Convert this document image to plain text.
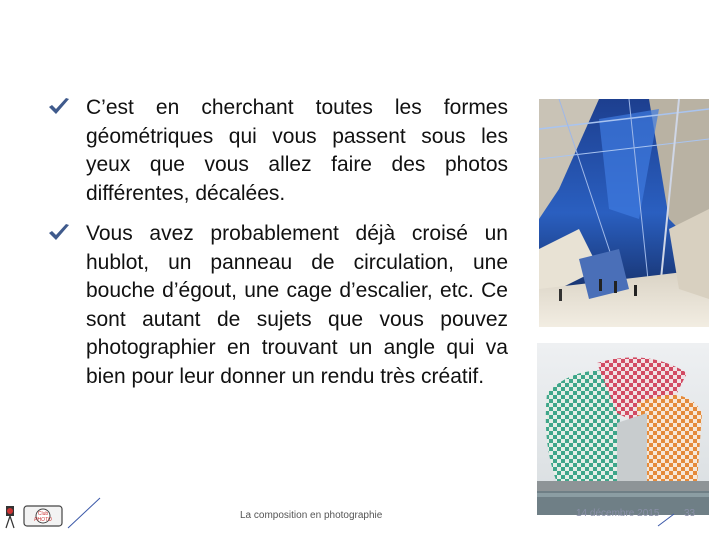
C’est en cherchant toutes les formes géométriques qui vous passent sous les yeux que vous allez faire des photos différentes, décalées.

Vous avez probablement déjà croisé un hublot, un panneau de circulation, une bouche d’égout, une cage d’escalier, etc. Ce sont autant de sujets que vous pouvez photographier en trouvant un angle qui va bien pour leur donner un rendu très créatif.

Club
PHOTO	La composition en photographie	14 décembre 2015 33
